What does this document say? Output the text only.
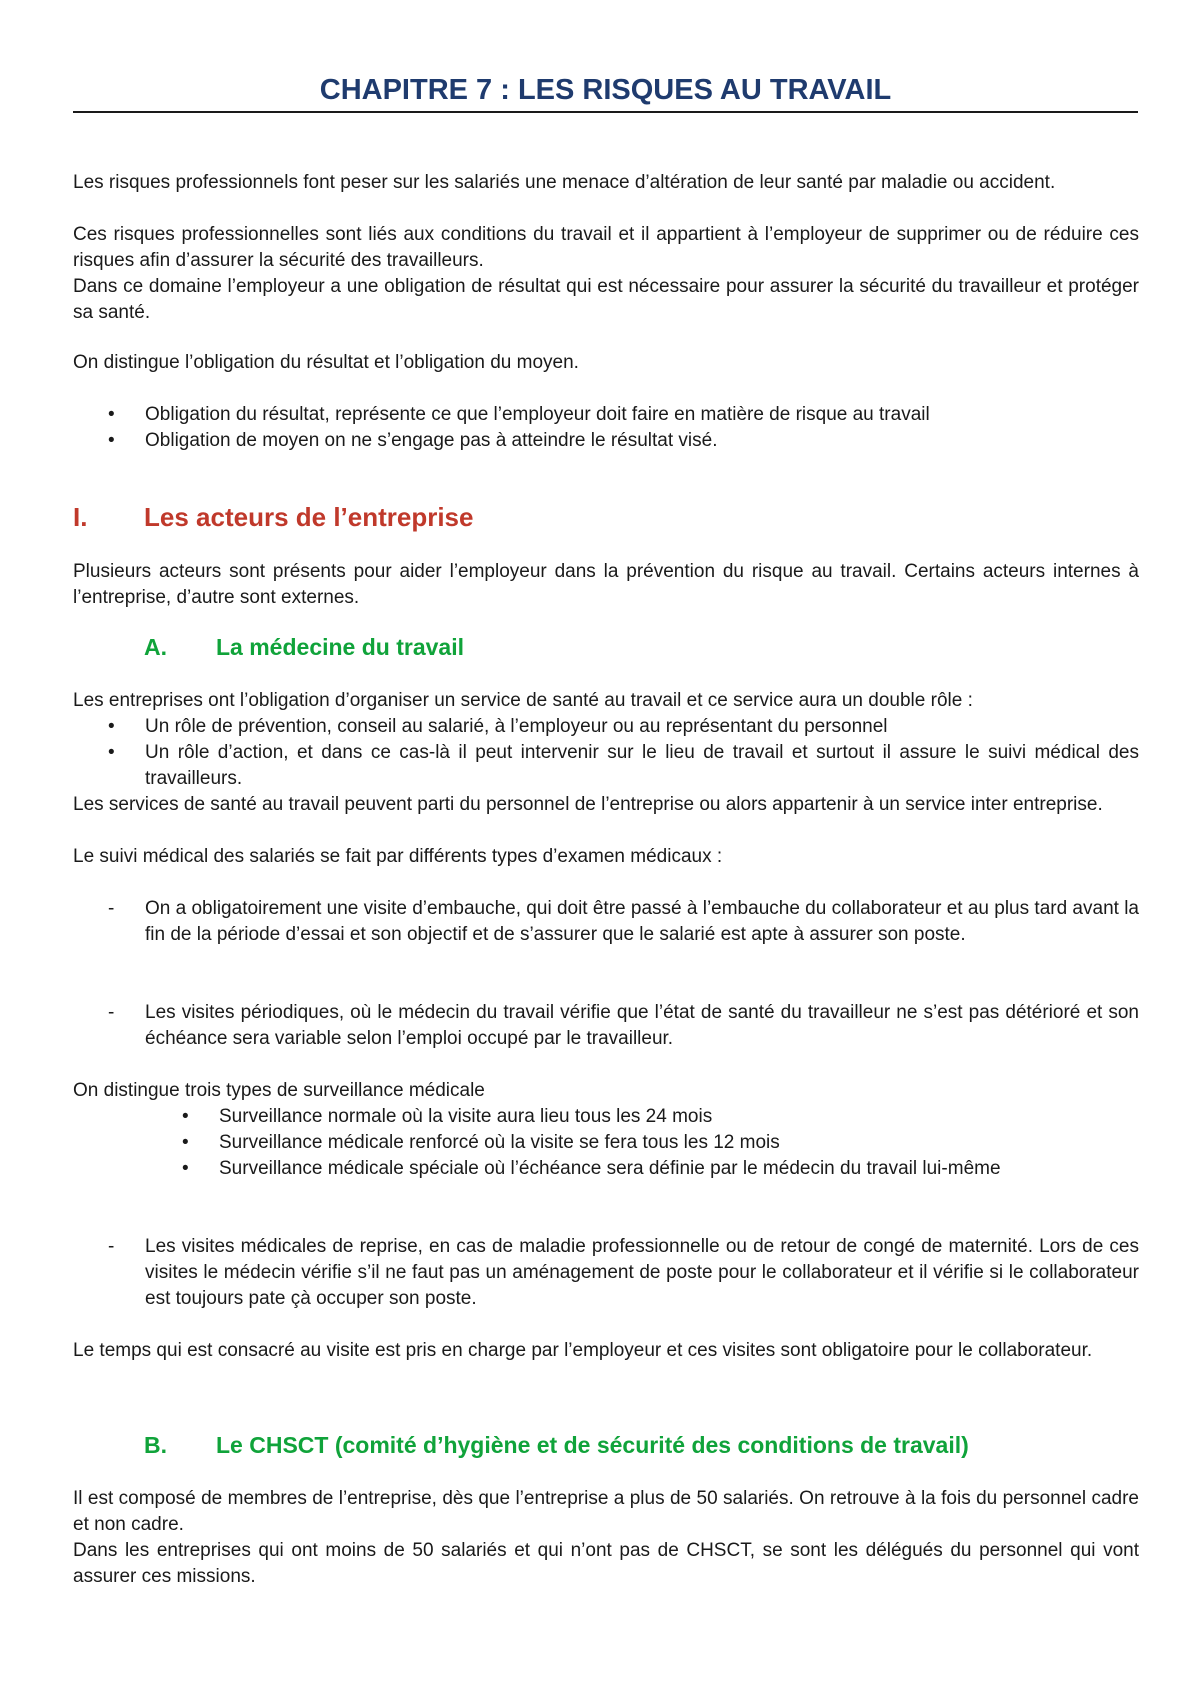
CHAPITRE 7 : LES RISQUES AU TRAVAIL

Les risques professionnels font peser sur les salariés une menace d’altération de leur santé par maladie ou accident.

Ces risques professionnelles sont liés aux conditions du travail et il appartient à l’employeur de supprimer ou de réduire ces risques afin d’assurer la sécurité des travailleurs.

Dans ce domaine l’employeur a une obligation de résultat qui est nécessaire pour assurer la sécurité du travailleur et protéger sa santé.

On distingue l’obligation du résultat et l’obligation du moyen.

• Obligation du résultat, représente ce que l’employeur doit faire en matière de risque au travail

• Obligation de moyen on ne s’engage pas à atteindre le résultat visé.

I. Les acteurs de l’entreprise

Plusieurs acteurs sont présents pour aider l’employeur dans la prévention du risque au travail. Certains acteurs internes à l’entreprise, d’autre sont externes.

A. La médecine du travail

Les entreprises ont l’obligation d’organiser un service de santé au travail et ce service aura un double rôle :

• Un rôle de prévention, conseil au salarié, à l’employeur ou au représentant du personnel

• Un rôle d’action, et dans ce cas-là il peut intervenir sur le lieu de travail et surtout il assure le suivi médical des travailleurs.

Les services de santé au travail peuvent parti du personnel de l’entreprise ou alors appartenir à un service inter entreprise.

Le suivi médical des salariés se fait par différents types d’examen médicaux :

- On a obligatoirement une visite d’embauche, qui doit être passé à l’embauche du collaborateur et au plus tard avant la fin de la période d’essai et son objectif et de s’assurer que le salarié est apte à assurer son poste.

- Les visites périodiques, où le médecin du travail vérifie que l’état de santé du travailleur ne s’est pas détérioré et son échéance sera variable selon l’emploi occupé par le travailleur.

On distingue trois types de surveillance médicale

• Surveillance normale où la visite aura lieu tous les 24 mois

• Surveillance médicale renforcé où la visite se fera tous les 12 mois

• Surveillance médicale spéciale où l’échéance sera définie par le médecin du travail lui-même

- Les visites médicales de reprise, en cas de maladie professionnelle ou de retour de congé de maternité. Lors de ces visites le médecin vérifie s’il ne faut pas un aménagement de poste pour le collaborateur et il vérifie si le collaborateur est toujours pate çà occuper son poste.

Le temps qui est consacré au visite est pris en charge par l’employeur et ces visites sont obligatoire pour le collaborateur.

B. Le CHSCT (comité d’hygiène et de sécurité des conditions de travail)

Il est composé de membres de l’entreprise, dès que l’entreprise a plus de 50 salariés. On retrouve à la fois du personnel cadre et non cadre.

Dans les entreprises qui ont moins de 50 salariés et qui n’ont pas de CHSCT, se sont les délégués du personnel qui vont assurer ces missions.
